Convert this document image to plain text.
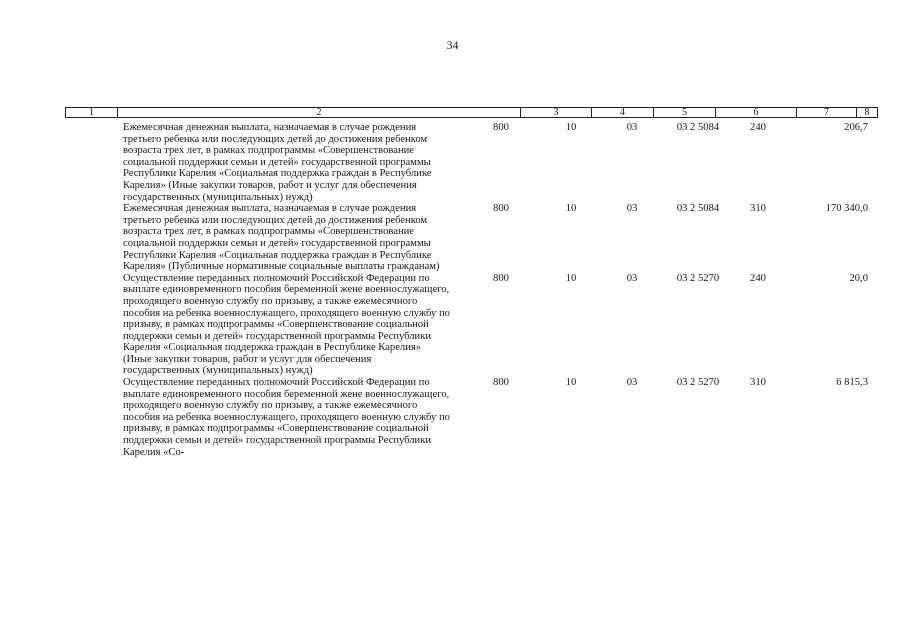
34
1	2	3	4	5	6	7	8
Ежемесячная денежная выплата, назначаемая в случае рождения третьего ребенка или последующих детей до достижения ребенком возраста трех лет, в рамках подпрограммы «Совершенствование социальной поддержки семьи и детей» государственной программы Республики Карелия «Социальная поддержка граждан в Республике Карелия» (Иные закупки товаров, работ и услуг для обеспечения государственных (муниципальных) нужд)
800	10	03	03 2 5084	240	206,7
Ежемесячная денежная выплата, назначаемая в случае рождения третьего ребенка или последующих детей до достижения ребенком возраста трех лет, в рамках подпрограммы «Совершенствование социальной поддержки семьи и детей» государственной программы Республики Карелия «Социальная поддержка граждан в Республике Карелия» (Публичные нормативные социальные выплаты гражданам)
800	10	03	03 2 5084	310	170 340,0
Осуществление переданных полномочий Российской Федерации по выплате единовременного пособия беременной жене военнослужащего, проходящего военную службу по призыву, а также ежемесячного пособия на ребенка военнослужащего, проходящего военную службу по призыву, в рамках подпрограммы «Совершенствование социальной поддержки семьи и детей» государственной программы Республики Карелия «Социальная поддержка граждан в Республике Карелия» (Иные закупки товаров, работ и услуг для обеспечения государственных (муниципальных) нужд)
800	10	03	03 2 5270	240	20,0
Осуществление переданных полномочий Российской Федерации по выплате единовременного пособия беременной жене военнослужащего, проходящего военную службу по призыву, а также ежемесячного пособия на ребенка военнослужащего, проходящего военную службу по призыву, в рамках подпрограммы «Совершенствование социальной поддержки семьи и детей» государственной программы Республики Карелия «Со-
800	10	03	03 2 5270	310	6 815,3
